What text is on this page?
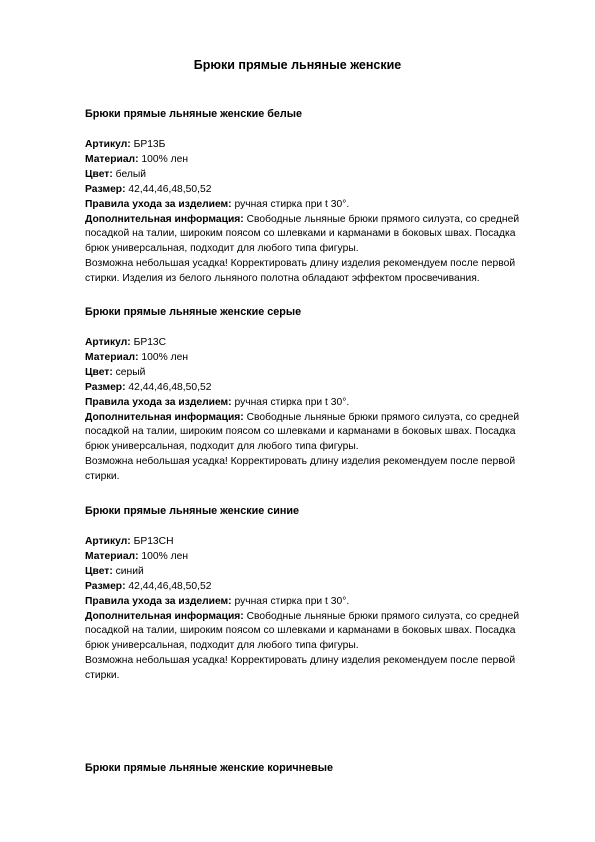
Брюки прямые льняные женские
Брюки прямые льняные женские белые

Артикул: БР13Б

Материал: 100% лен

Цвет: белый

Размер: 42,44,46,48,50,52

Правила ухода за изделием: ручная стирка при t 30°.

Дополнительная информация: Свободные льняные брюки прямого силуэта, со средней

посадкой на талии, широким поясом со шлевками и карманами в боковых швах. Посадка

брюк универсальная, подходит для любого типа фигуры.

Возможна небольшая усадка! Корректировать длину изделия рекомендуем после первой

стирки. Изделия из белого льняного полотна обладают эффектом просвечивания.

Брюки прямые льняные женские серые

Артикул: БР13С

Материал: 100% лен

Цвет: серый

Размер: 42,44,46,48,50,52

Правила ухода за изделием: ручная стирка при t 30°.

Дополнительная информация: Свободные льняные брюки прямого силуэта, со средней

посадкой на талии, широким поясом со шлевками и карманами в боковых швах. Посадка

брюк универсальная, подходит для любого типа фигуры.

Возможна небольшая усадка! Корректировать длину изделия рекомендуем после первой

стирки.

Брюки прямые льняные женские синие

Артикул: БР13СН

Материал: 100% лен

Цвет: синий

Размер: 42,44,46,48,50,52

Правила ухода за изделием: ручная стирка при t 30°.

Дополнительная информация: Свободные льняные брюки прямого силуэта, со средней

посадкой на талии, широким поясом со шлевками и карманами в боковых швах. Посадка

брюк универсальная, подходит для любого типа фигуры.

Возможна небольшая усадка! Корректировать длину изделия рекомендуем после первой

стирки.

Брюки прямые льняные женские коричневые
